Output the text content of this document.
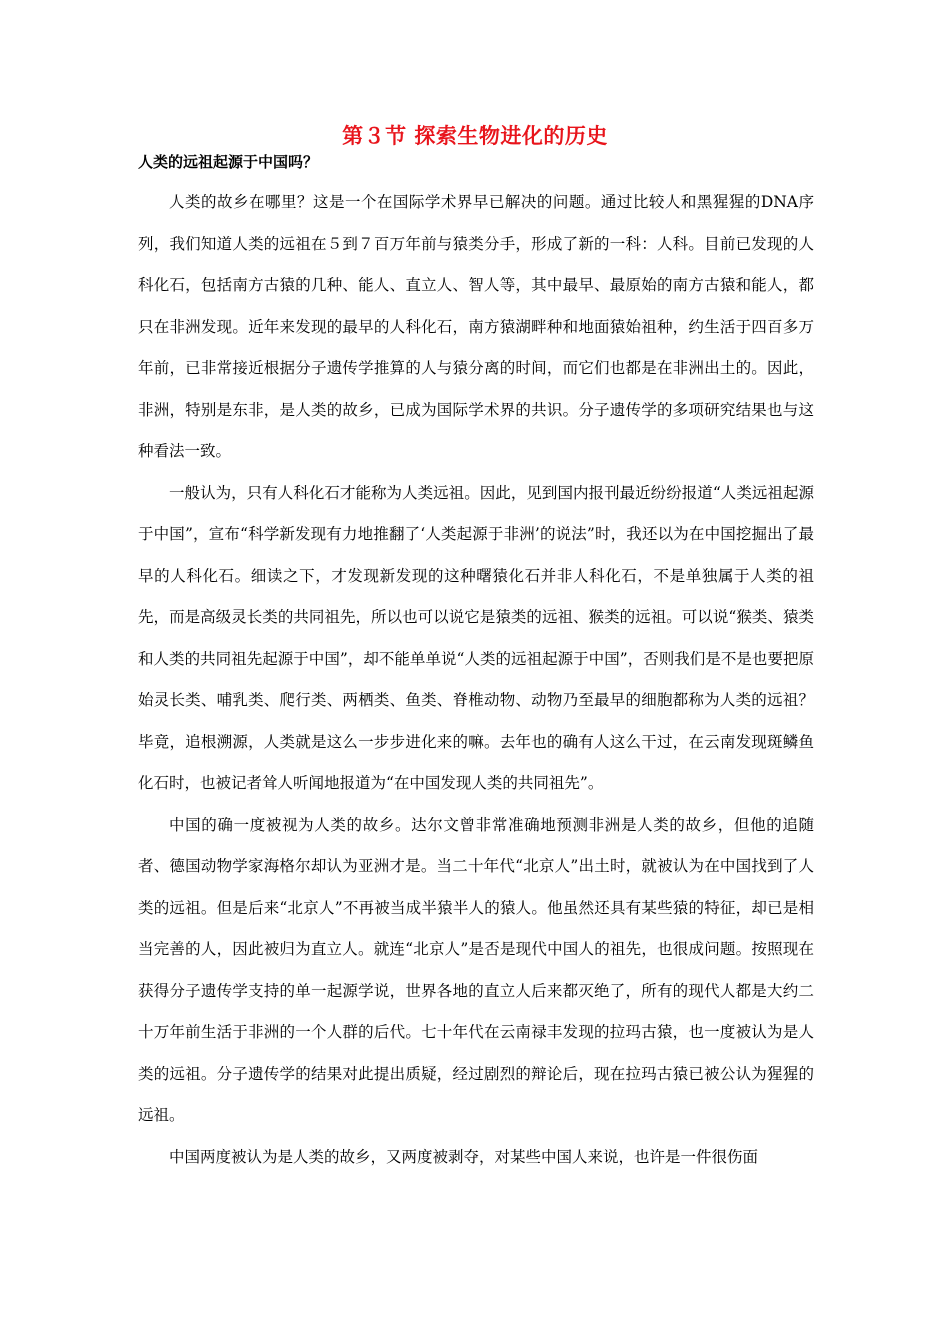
第３节 探索生物进化的历史
人类的远祖起源于中国吗？

人类的故乡在哪里？这是一个在国际学术界早已解决的问题。通过比较人和黑猩猩的DNA序列，我们知道人类的远祖在５到７百万年前与猿类分手，形成了新的一科：人科。目前已发现的人科化石，包括南方古猿的几种、能人、直立人、智人等，其中最早、最原始的南方古猿和能人，都只在非洲发现。近年来发现的最早的人科化石，南方猿湖畔种和地面猿始祖种，约生活于四百多万年前，已非常接近根据分子遗传学推算的人与猿分离的时间，而它们也都是在非洲出土的。因此，非洲，特别是东非，是人类的故乡，已成为国际学术界的共识。分子遗传学的多项研究结果也与这种看法一致。

一般认为，只有人科化石才能称为人类远祖。因此，见到国内报刊最近纷纷报道“人类远祖起源于中国”，宣布“科学新发现有力地推翻了‘人类起源于非洲’的说法”时，我还以为在中国挖掘出了最早的人科化石。细读之下，才发现新发现的这种曙猿化石并非人科化石，不是单独属于人类的祖先，而是高级灵长类的共同祖先，所以也可以说它是猿类的远祖、猴类的远祖。可以说“猴类、猿类和人类的共同祖先起源于中国”，却不能单单说“人类的远祖起源于中国”，否则我们是不是也要把原始灵长类、哺乳类、爬行类、两栖类、鱼类、脊椎动物、动物乃至最早的细胞都称为人类的远祖？毕竟，追根溯源，人类就是这么一步步进化来的嘛。去年也的确有人这么干过，在云南发现斑鳞鱼化石时，也被记者耸人听闻地报道为“在中国发现人类的共同祖先”。

中国的确一度被视为人类的故乡。达尔文曾非常准确地预测非洲是人类的故乡，但他的追随者、德国动物学家海格尔却认为亚洲才是。当二十年代“北京人”出土时，就被认为在中国找到了人类的远祖。但是后来“北京人”不再被当成半猿半人的猿人。他虽然还具有某些猿的特征，却已是相当完善的人，因此被归为直立人。就连“北京人”是否是现代中国人的祖先，也很成问题。按照现在获得分子遗传学支持的单一起源学说，世界各地的直立人后来都灭绝了，所有的现代人都是大约二十万年前生活于非洲的一个人群的后代。七十年代在云南禄丰发现的拉玛古猿，也一度被认为是人类的远祖。分子遗传学的结果对此提出质疑，经过剧烈的辩论后，现在拉玛古猿已被公认为猩猩的远祖。

中国两度被认为是人类的故乡，又两度被剥夺，对某些中国人来说，也许是一件很伤面
